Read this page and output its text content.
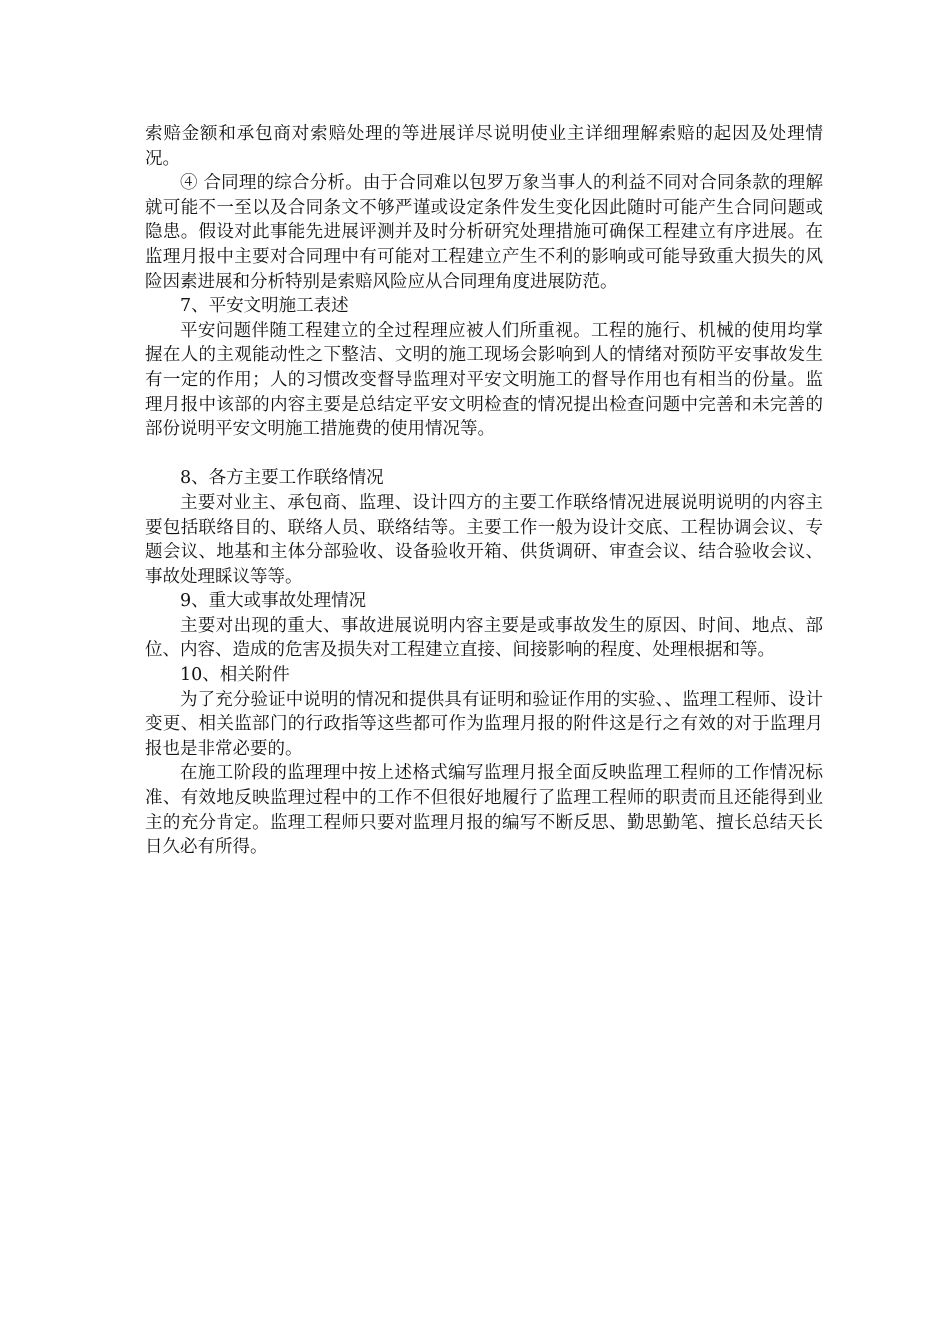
索赔金额和承包商对索赔处理的等进展详尽说明使业主详细理解索赔的起因及处理情况。

④ 合同理的综合分析。由于合同难以包罗万象当事人的利益不同对合同条款的理解就可能不一至以及合同条文不够严谨或设定条件发生变化因此随时可能产生合同问题或隐患。假设对此事能先进展评测并及时分析研究处理措施可确保工程建立有序进展。在监理月报中主要对合同理中有可能对工程建立产生不利的影响或可能导致重大损失的风险因素进展和分析特别是索赔风险应从合同理角度进展防范。

7、平安文明施工表述

平安问题伴随工程建立的全过程理应被人们所重视。工程的施行、机械的使用均掌握在人的主观能动性之下整洁、文明的施工现场会影响到人的情绪对预防平安事故发生有一定的作用；人的习惯改变督导监理对平安文明施工的督导作用也有相当的份量。监理月报中该部的内容主要是总结定平安文明检查的情况提出检查问题中完善和未完善的部份说明平安文明施工措施费的使用情况等。

8、各方主要工作联络情况

主要对业主、承包商、监理、设计四方的主要工作联络情况进展说明说明的内容主要包括联络目的、联络人员、联络结等。主要工作一般为设计交底、工程协调会议、专题会议、地基和主体分部验收、设备验收开箱、供货调研、审查会议、结合验收会议、事故处理睬议等等。

9、重大或事故处理情况

主要对出现的重大、事故进展说明内容主要是或事故发生的原因、时间、地点、部位、内容、造成的危害及损失对工程建立直接、间接影响的程度、处理根据和等。

10、相关附件

为了充分验证中说明的情况和提供具有证明和验证作用的实验、、监理工程师、设计变更、相关监部门的行政指等这些都可作为监理月报的附件这是行之有效的对于监理月报也是非常必要的。

在施工阶段的监理理中按上述格式编写监理月报全面反映监理工程师的工作情况标准、有效地反映监理过程中的工作不但很好地履行了监理工程师的职责而且还能得到业主的充分肯定。监理工程师只要对监理月报的编写不断反思、勤思勤笔、擅长总结天长日久必有所得。
